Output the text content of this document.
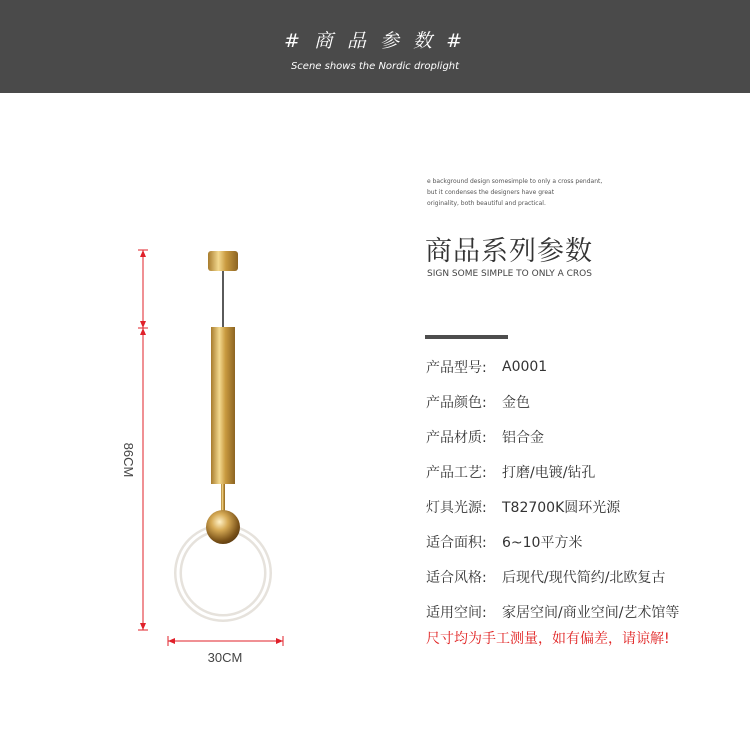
# 商 品 参 数 #
Scene shows the Nordic droplight
86CM
30CM
e background design somesimple to only a cross pendant,
but it condenses the designers have great
originality, both beautiful and practical.
商品系列参数
SIGN SOME SIMPLE TO ONLY A CROS
产品型号:	A0001
产品颜色:	金色
产品材质:	铝合金
产品工艺:	打磨/电镀/钻孔
灯具光源:	T82700K圆环光源
适合面积:	6~10平方米
适合风格:	后现代/现代简约/北欧复古
适用空间:	家居空间/商业空间/艺术馆等
尺寸均为手工测量，如有偏差，请谅解!
